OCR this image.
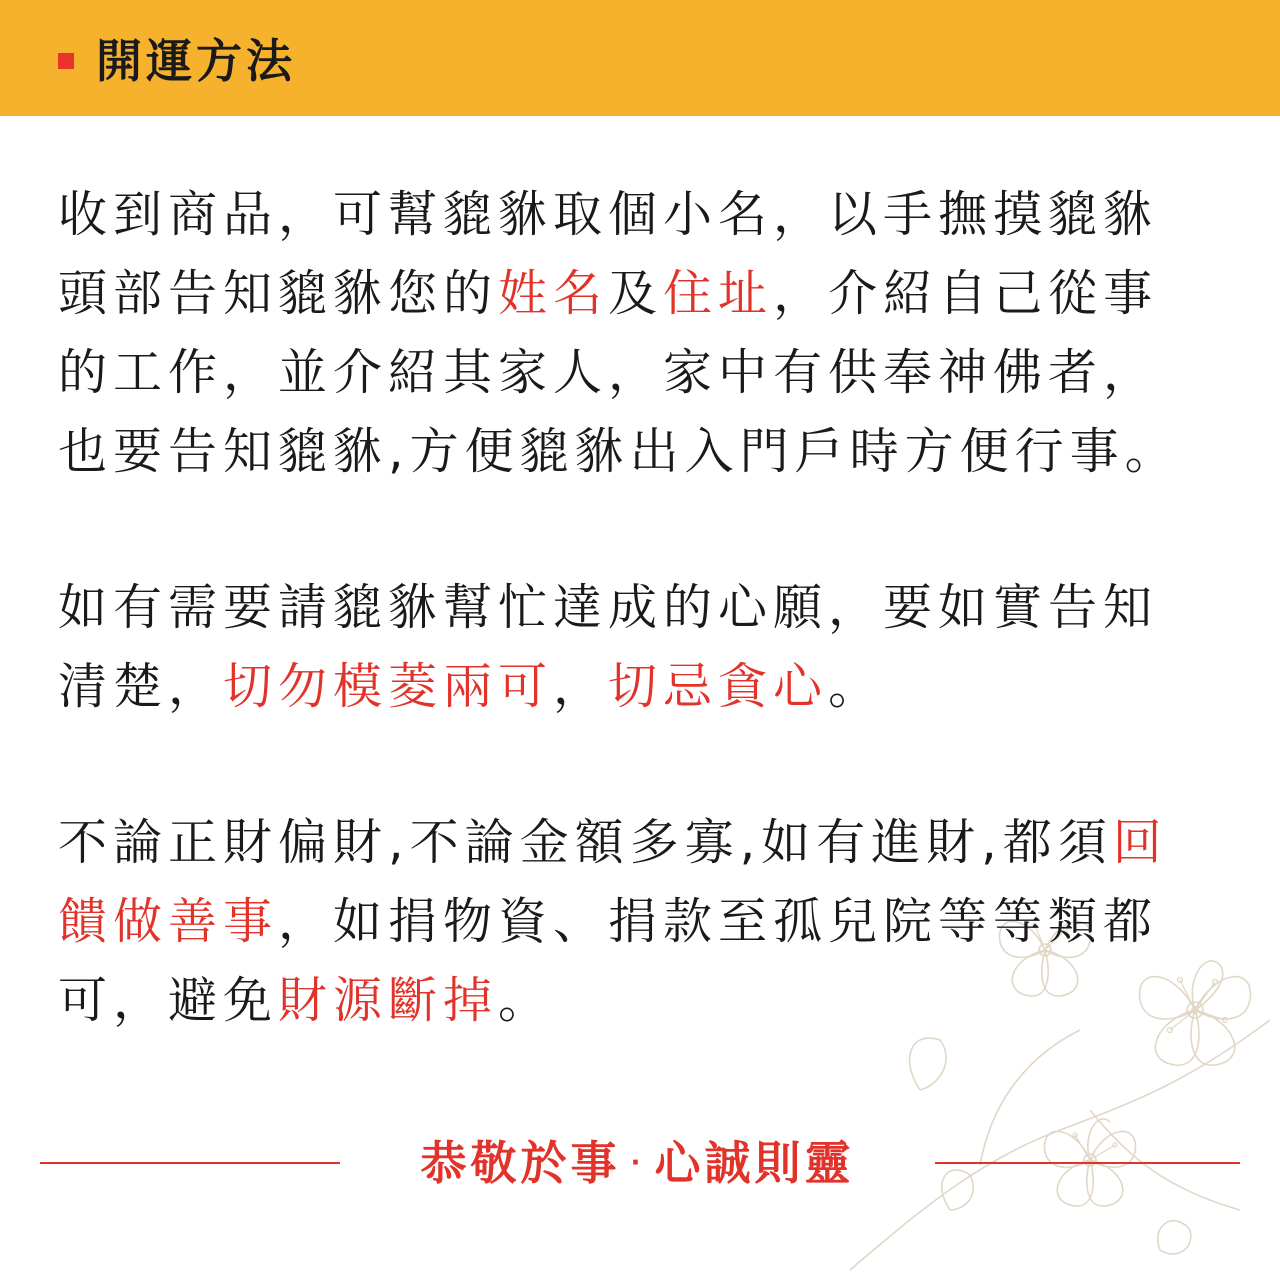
開運方法
收到商品，可幫貔貅取個小名，以手撫摸貔貅
頭部告知貔貅您的姓名及住址，介紹自己從事
的工作，並介紹其家人，家中有供奉神佛者，
也要告知貔貅,方便貔貅出入門戶時方便行事。
如有需要請貔貅幫忙達成的心願，要如實告知
清楚，切勿模菱兩可，切忌貪心。
不論正財偏財,不論金額多寡,如有進財,都須回
饋做善事，如捐物資、捐款至孤兒院等等類都
可，避免財源斷掉。
恭敬於事 · 心誠則靈
